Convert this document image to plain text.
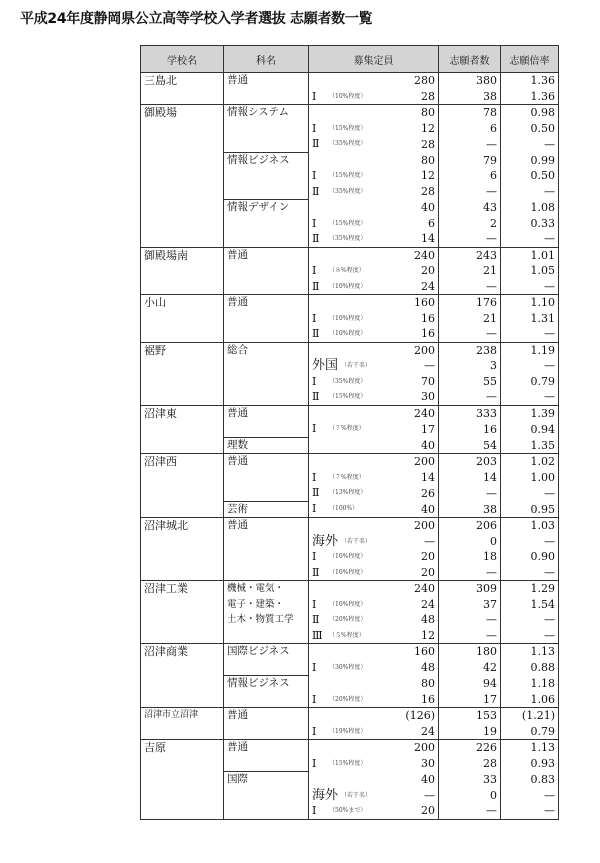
平成24年度静岡県公立高等学校入学者選抜 志願者数一覧
学校名	科名	募集定員	志願者数	志願倍率
三島北	普通	280	380	1.36

		Ⅰ （10%程度） 28	38	1.36
御殿場	情報システム	80	78	0.98

		Ⅰ （15%程度） 12	6	0.50

		Ⅱ （35%程度） 28	—	—
	情報ビジネス	80	79	0.99

		Ⅰ （15%程度） 12	6	0.50

		Ⅱ （35%程度） 28	—	—
	情報デザイン	40	43	1.08

		Ⅰ （15%程度） 6	2	0.33

		Ⅱ （35%程度） 14	—	—
御殿場南	普通	240	243	1.01

		Ⅰ （８%程度） 20	21	1.05

		Ⅱ （10%程度） 24	—	—
小山	普通	160	176	1.10

		Ⅰ （10%程度） 16	21	1.31

		Ⅱ （10%程度） 16	—	—
裾野	総合	200	238	1.19

		外国 （若干名） —	3	—

		Ⅰ （35%程度） 70	55	0.79

		Ⅱ （15%程度） 30	—	—
沼津東	普通	240	333	1.39

		Ⅰ （７%程度） 17	16	0.94
	理数	40	54	1.35
沼津西	普通	200	203	1.02

		Ⅰ （７%程度） 14	14	1.00

		Ⅱ （13%程度） 26	—	—
	芸術	Ⅰ （100%） 40	38	0.95
沼津城北	普通	200	206	1.03

		海外 （若干名） —	0	—

		Ⅰ （10%程度） 20	18	0.90

		Ⅱ （10%程度） 20	—	—
沼津工業	機械・電気・	240	309	1.29
	電子・建築・	Ⅰ （10%程度） 24	37	1.54
	土木・物質工学	Ⅱ （20%程度） 48	—	—

		Ⅲ （５%程度） 12	—	—
沼津商業	国際ビジネス	160	180	1.13

		Ⅰ （30%程度） 48	42	0.88
	情報ビジネス	80	94	1.18

		Ⅰ （20%程度） 16	17	1.06
沼津市立沼津	普通	(126)	153	(1.21)

		Ⅰ （19%程度） 24	19	0.79
吉原	普通	200	226	1.13

		Ⅰ （15%程度） 30	28	0.93
	国際	40	33	0.83

		海外 （若干名） —	0	—

		Ⅰ （50%まで） 20	—	—
